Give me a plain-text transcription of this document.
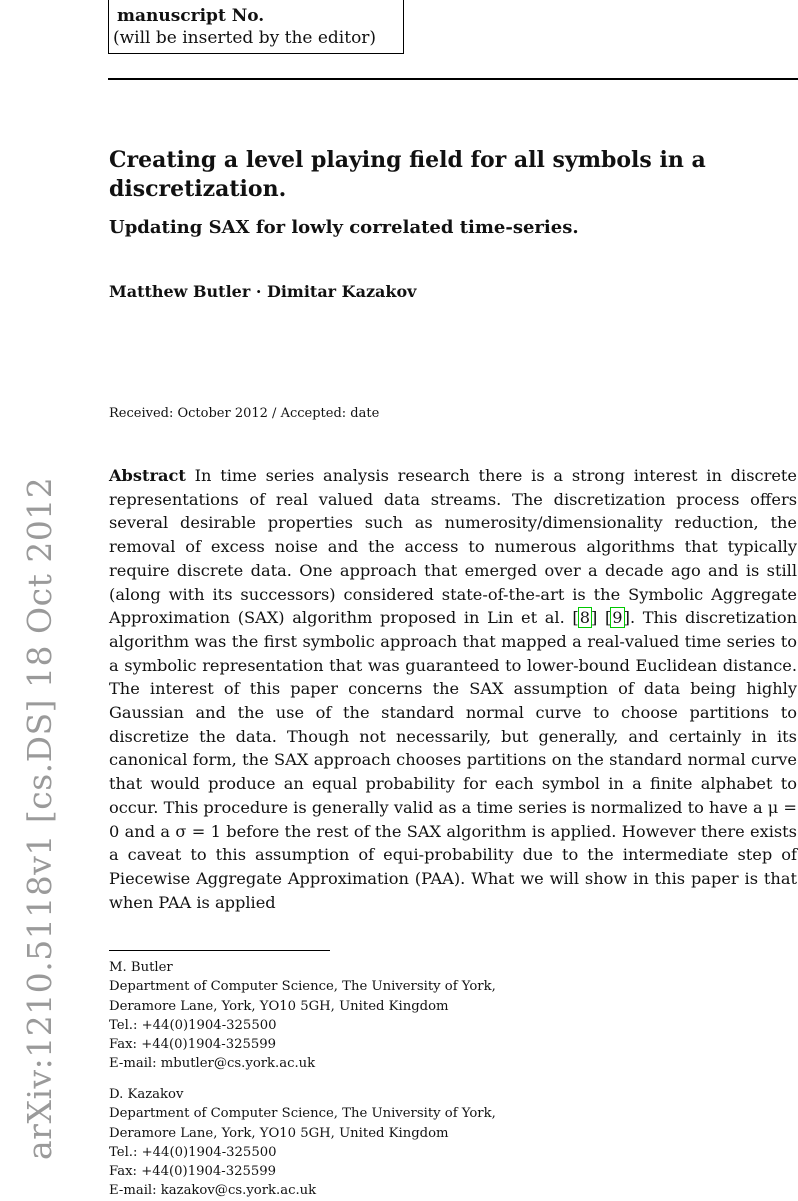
manuscript No.
(will be inserted by the editor)
Creating a level playing field for all symbols in a discretization.
Updating SAX for lowly correlated time-series.
Matthew Butler · Dimitar Kazakov
Received: October 2012 / Accepted: date

Abstract In time series analysis research there is a strong interest in discrete representations of real valued data streams. The discretization process offers several desirable properties such as numerosity/dimensionality reduction, the removal of excess noise and the access to numerous algorithms that typically require discrete data. One approach that emerged over a decade ago and is still (along with its successors) considered state-of-the-art is the Symbolic Aggregate Approximation (SAX) algorithm proposed in Lin et al. [8] [9]. This discretization algorithm was the first symbolic approach that mapped a real-valued time series to a symbolic representation that was guaranteed to lower-bound Euclidean distance. The interest of this paper concerns the SAX assumption of data being highly Gaussian and the use of the standard normal curve to choose partitions to discretize the data. Though not necessarily, but generally, and certainly in its canonical form, the SAX approach chooses partitions on the standard normal curve that would produce an equal probability for each symbol in a finite alphabet to occur. This procedure is generally valid as a time series is normalized to have a μ = 0 and a σ = 1 before the rest of the SAX algorithm is applied. However there exists a caveat to this assumption of equi-probability due to the intermediate step of Piecewise Aggregate Approximation (PAA). What we will show in this paper is that when PAA is applied

M. Butler
Department of Computer Science, The University of York,
Deramore Lane, York, YO10 5GH, United Kingdom
Tel.: +44(0)1904-325500
Fax: +44(0)1904-325599
E-mail: mbutler@cs.york.ac.uk
D. Kazakov
Department of Computer Science, The University of York,
Deramore Lane, York, YO10 5GH, United Kingdom
Tel.: +44(0)1904-325500
Fax: +44(0)1904-325599
E-mail: kazakov@cs.york.ac.uk
arXiv:1210.5118v1 [cs.DS] 18 Oct 2012
